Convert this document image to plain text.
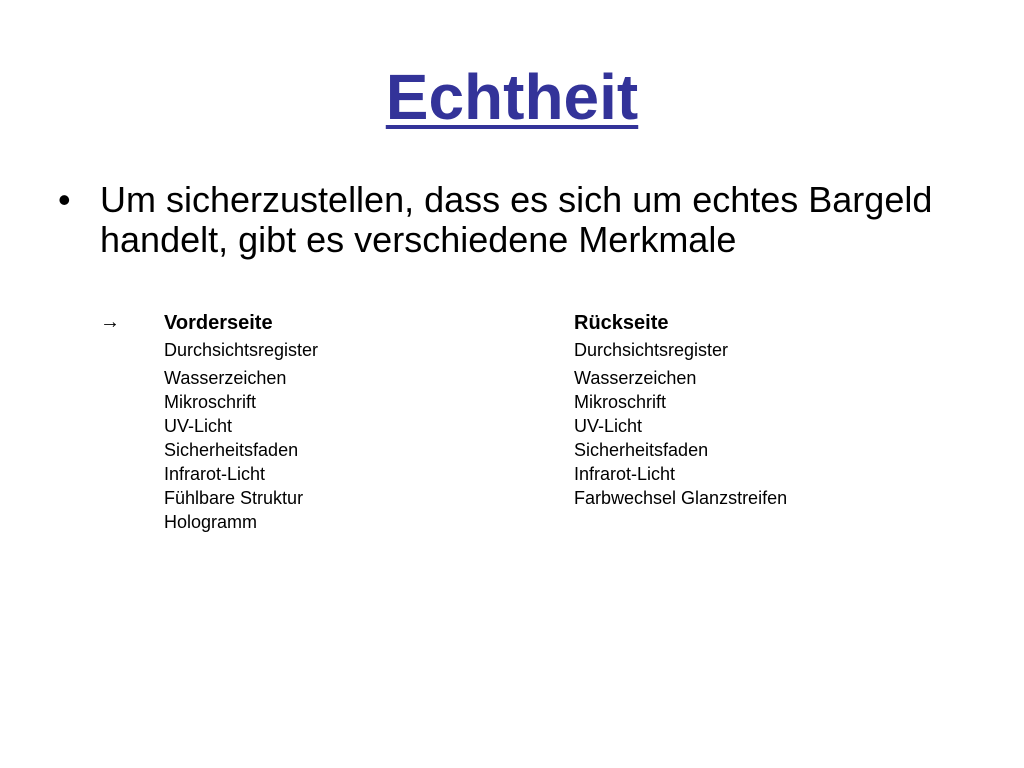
Echtheit
• Um sicherzustellen, dass es sich um echtes Bargeld handelt, gibt es verschiedene Merkmale
→ Vorderseite
Durchsichtsregister
Wasserzeichen
Mikroschrift
UV-Licht
Sicherheitsfaden
Infrarot-Licht
Fühlbare Struktur
Hologramm
Rückseite
Durchsichtsregister
Wasserzeichen
Mikroschrift
UV-Licht
Sicherheitsfaden
Infrarot-Licht
Farbwechsel Glanzstreifen
